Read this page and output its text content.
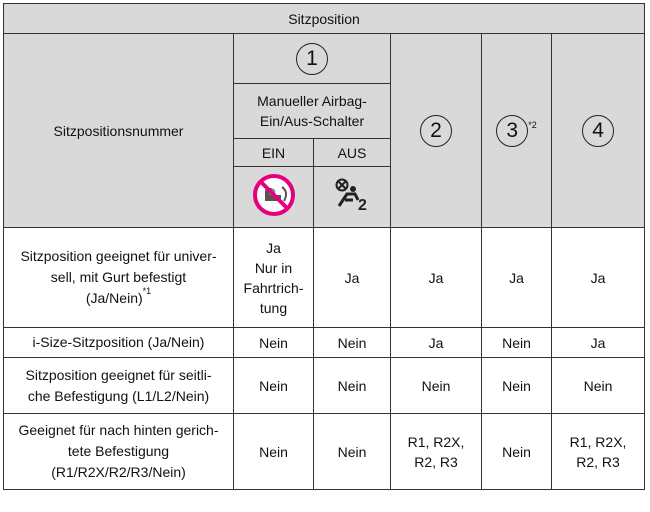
Sitzposition					
Sitzpositionsnummer	1		2	3 $^{*2}$	4

	Manueller Airbag-
Ein/Aus-Schalter				

	EIN	AUS			

2			

Sitzposition geeignet für univer-
sell, mit Gurt befestigt
(Ja/Nein)$^{*1}$	Ja
Nur in
Fahrtrich-
tung	Ja	Ja	Ja	Ja

i-Size-Sitzposition (Ja/Nein)	Nein	Nein	Ja	Nein	Ja

Sitzposition geeignet für seitli-
che Befestigung (L1/L2/Nein)	Nein	Nein	Nein	Nein	Nein

Geeignet für nach hinten gerich-
tete Befestigung
(R1/R2X/R2/R3/Nein)	Nein	Nein	R1, R2X,
R2, R3	Nein	R1, R2X,
R2, R3
